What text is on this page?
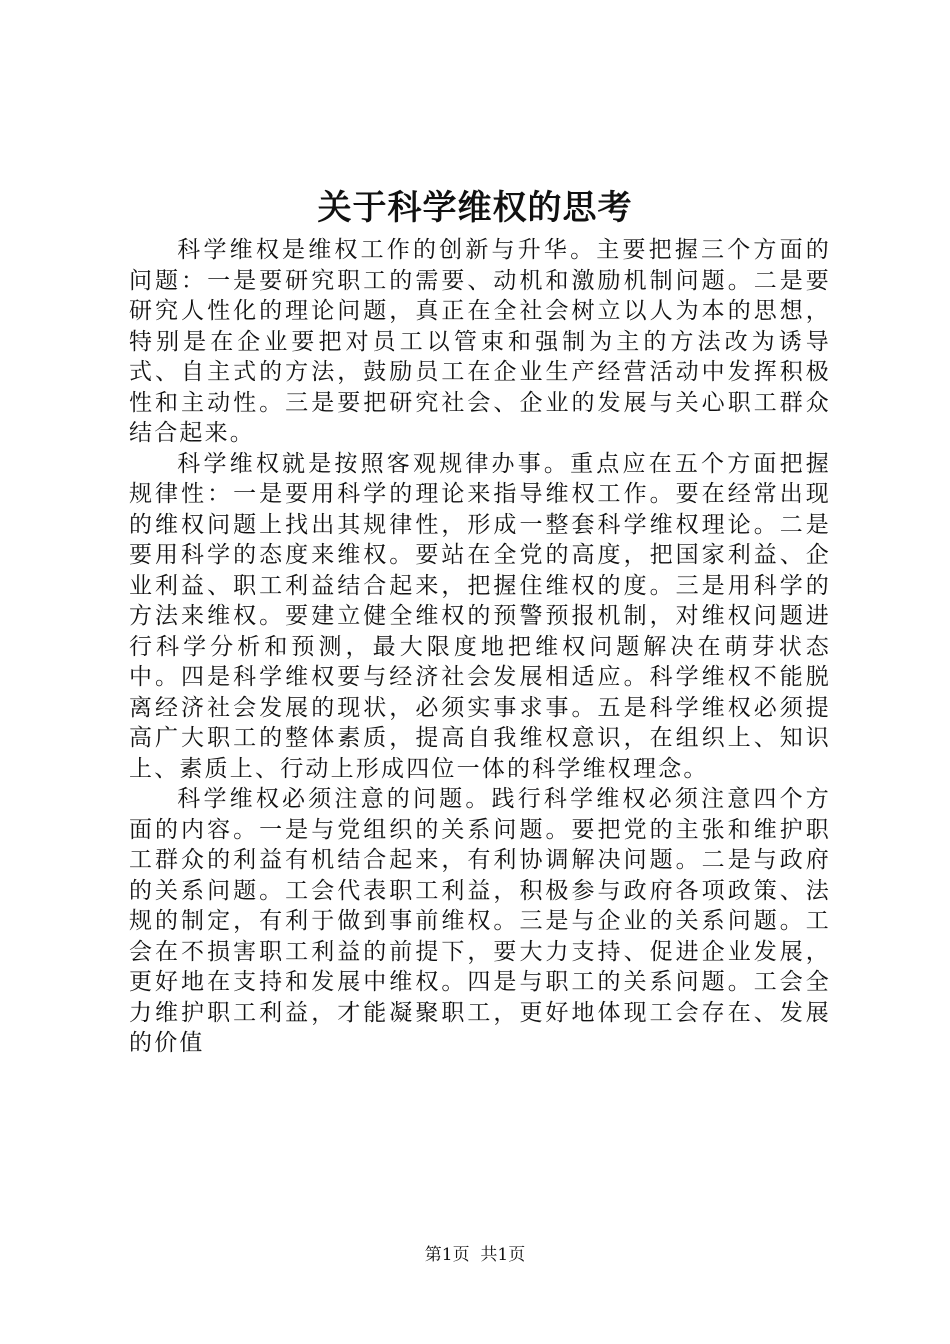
关于科学维权的思考

科学维权是维权工作的创新与升华。主要把握三个方面的问题：一是要研究职工的需要、动机和激励机制问题。二是要研究人性化的理论问题，真正在全社会树立以人为本的思想，特别是在企业要把对员工以管束和强制为主的方法改为诱导式、自主式的方法，鼓励员工在企业生产经营活动中发挥积极性和主动性。三是要把研究社会、企业的发展与关心职工群众结合起来。

科学维权就是按照客观规律办事。重点应在五个方面把握规律性：一是要用科学的理论来指导维权工作。要在经常出现的维权问题上找出其规律性，形成一整套科学维权理论。二是要用科学的态度来维权。要站在全党的高度，把国家利益、企业利益、职工利益结合起来，把握住维权的度。三是用科学的方法来维权。要建立健全维权的预警预报机制，对维权问题进行科学分析和预测，最大限度地把维权问题解决在萌芽状态中。四是科学维权要与经济社会发展相适应。科学维权不能脱离经济社会发展的现状，必须实事求事。五是科学维权必须提高广大职工的整体素质，提高自我维权意识，在组织上、知识上、素质上、行动上形成四位一体的科学维权理念。

科学维权必须注意的问题。践行科学维权必须注意四个方面的内容。一是与党组织的关系问题。要把党的主张和维护职工群众的利益有机结合起来，有利协调解决问题。二是与政府的关系问题。工会代表职工利益，积极参与政府各项政策、法规的制定，有利于做到事前维权。三是与企业的关系问题。工会在不损害职工利益的前提下，要大力支持、促进企业发展，更好地在支持和发展中维权。四是与职工的关系问题。工会全力维护职工利益，才能凝聚职工，更好地体现工会存在、发展的价值

第1页  共1页
